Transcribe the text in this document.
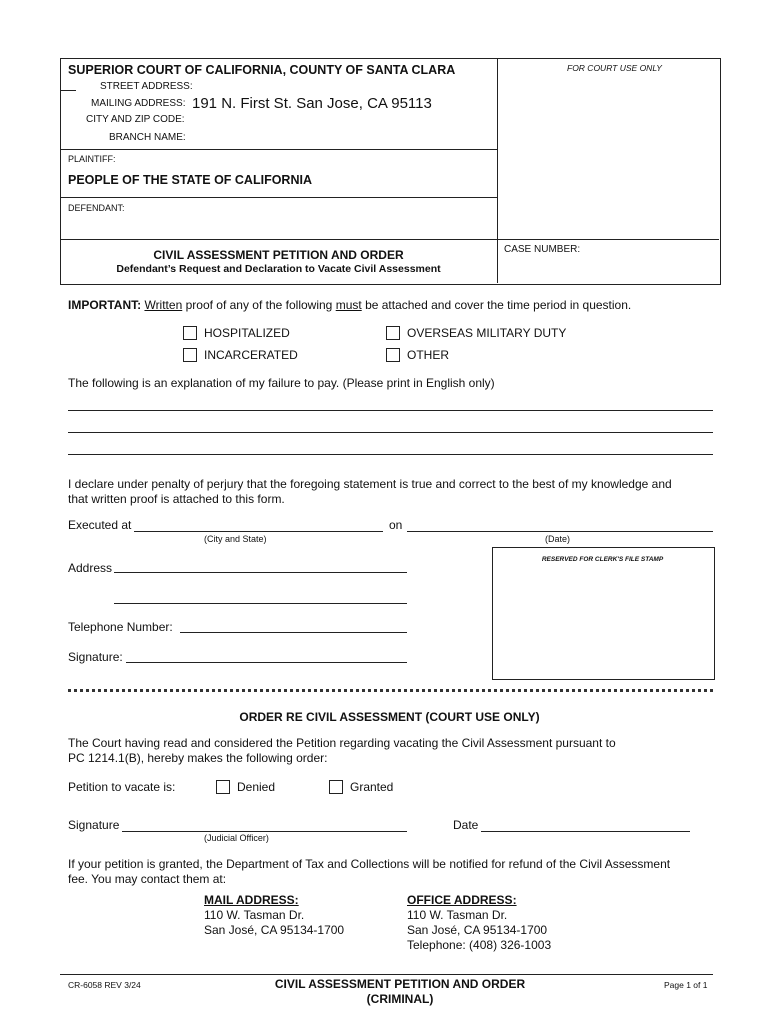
SUPERIOR COURT OF CALIFORNIA, COUNTY OF SANTA CLARA	FOR COURT USE ONLY
STREET ADDRESS:
MAILING ADDRESS: 191 N. First St. San Jose, CA 95113
CITY AND ZIP CODE:
BRANCH NAME:
PLAINTIFF:
PEOPLE OF THE STATE OF CALIFORNIA
DEFENDANT:
CIVIL ASSESSMENT PETITION AND ORDER
Defendant’s Request and Declaration to Vacate Civil Assessment
CASE NUMBER:
IMPORTANT: Written proof of any of the following must be attached and cover the time period in question.
HOSPITALIZED	OVERSEAS MILITARY DUTY
INCARCERATED	OTHER
The following is an explanation of my failure to pay. (Please print in English only)
I declare under penalty of perjury that the foregoing statement is true and correct to the best of my knowledge and
that written proof is attached to this form.
Executed at	on
(City and State)	(Date)
RESERVED FOR CLERK'S FILE STAMP
Address
Telephone Number:
Signature:
ORDER RE CIVIL ASSESSMENT (COURT USE ONLY)
The Court having read and considered the Petition regarding vacating the Civil Assessment pursuant to
PC 1214.1(B), hereby makes the following order:
Petition to vacate is:	Denied	Granted
Signature
(Judicial Officer)
Date
If your petition is granted, the Department of Tax and Collections will be notified for refund of the Civil Assessment
fee. You may contact them at:
MAIL ADDRESS:
110 W. Tasman Dr.
San José, CA 95134-1700
OFFICE ADDRESS:
110 W. Tasman Dr.
San José, CA 95134-1700
Telephone: (408) 326-1003
CR-6058 REV 3/24	CIVIL ASSESSMENT PETITION AND ORDER
(CRIMINAL)
Page 1 of 1
